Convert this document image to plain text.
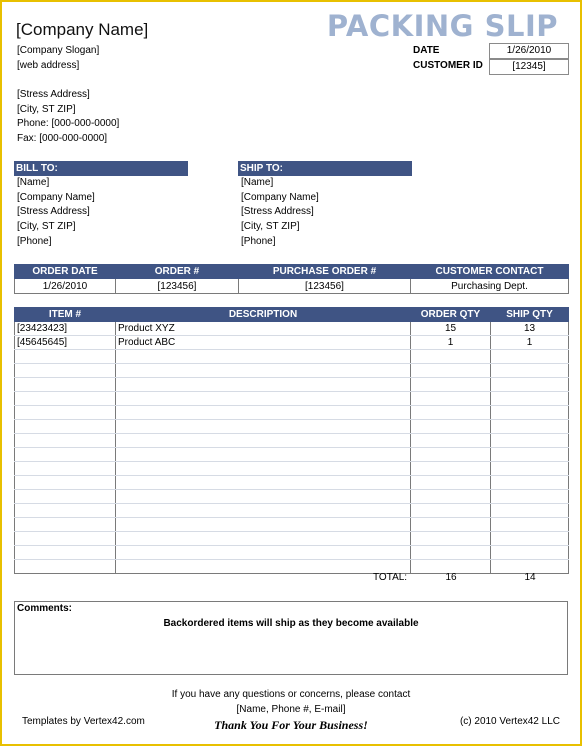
[Company Name]
[Company Slogan]
[web address]
[Stress Address]
[City, ST ZIP]
Phone: [000-000-0000]
Fax: [000-000-0000]
PACKING SLIP
DATE	1/26/2010
CUSTOMER ID	[12345]
BILL TO:
[Name]
[Company Name]
[Stress Address]
[City, ST ZIP]
[Phone]
SHIP TO:
[Name]
[Company Name]
[Stress Address]
[City, ST ZIP]
[Phone]
ORDER DATE	ORDER #	PURCHASE ORDER #	CUSTOMER CONTACT
1/26/2010	[123456]	[123456]	Purchasing Dept.
ITEM #	DESCRIPTION	ORDER QTY	SHIP QTY
[23423423]	Product XYZ	15	13
[45645645]	Product ABC	1	1

TOTAL:	16	14
Comments:
Backordered items will ship as they become available
If you have any questions or concerns, please contact
[Name, Phone #, E-mail]
Thank You For Your Business!
Templates by Vertex42.com	(c) 2010 Vertex42 LLC
